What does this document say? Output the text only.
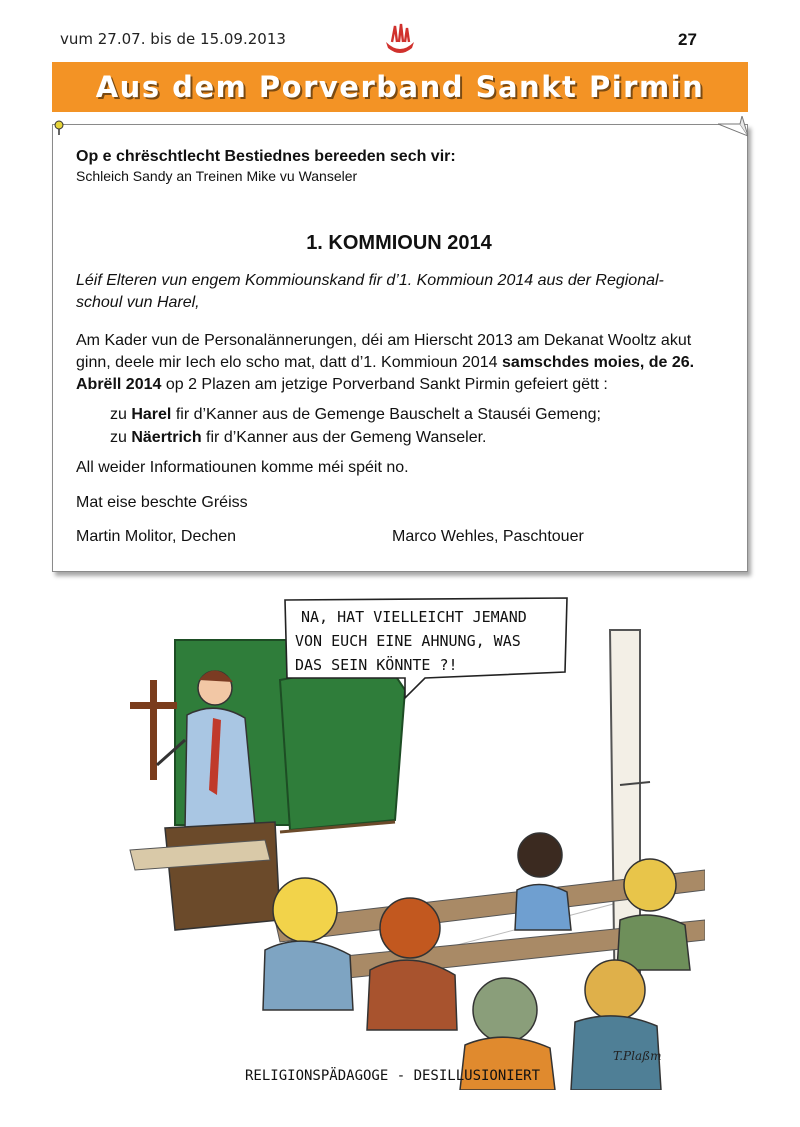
vum 27.07. bis de 15.09.2013	27
Aus dem Porverband Sankt Pirmin
Op e chrëschtlecht Bestiednes bereeden sech vir:
Schleich Sandy an Treinen Mike vu Wanseler
1. KOMMIOUN 2014
Léif Elteren vun engem Kommiounskand fir d’1. Kommioun 2014 aus der Regional-
schoul vun Harel,
Am Kader vun de Personalännerungen, déi am Hierscht 2013 am Dekanat Wooltz akut ginn, deele mir Iech elo scho mat, datt d’1. Kommioun 2014 samschdes moies, de 26. Abrëll 2014 op 2 Plazen am jetzige Porverband Sankt Pirmin gefeiert gëtt :
zu Harel fir d’Kanner aus de Gemenge Bauschelt a Stauséi Gemeng;
zu Näertrich fir d’Kanner aus der Gemeng Wanseler.
All weider Informatiounen komme méi spéit no.
Mat eise beschte Gréiss
Martin Molitor, Dechen	Marco Wehles, Paschtouer
NA, HAT VIELLEICHT JEMAND
VON EUCH EINE AHNUNG, WAS
DAS SEIN KÖNNTE ?!
T.Plaßm
RELIGIONSPÄDAGOGE - DESILLUSIONIERT
